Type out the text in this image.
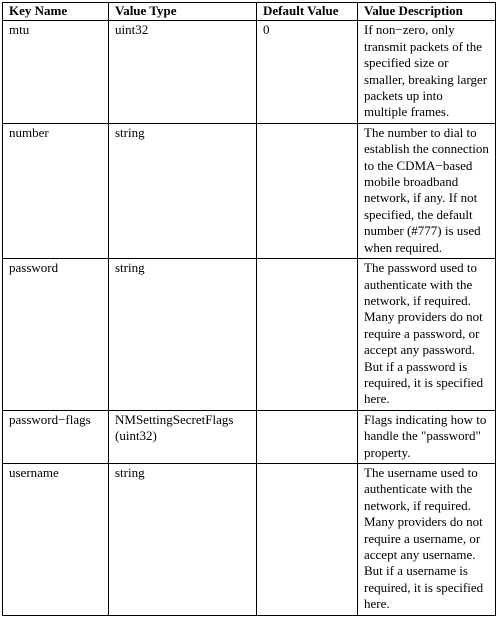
Key Name	Value Type	Default Value	Value Description
mtu	uint32	0	If non−zero, only transmit packets of the specified size or smaller, breaking larger packets up into multiple frames.
number	string		The number to dial to establish the connection to the CDMA−based mobile broadband network, if any. If not specified, the default number (#777) is used when required.
password	string		The password used to authenticate with the network, if required. Many providers do not require a password, or accept any password. But if a password is required, it is specified here.
password−flags	NMSettingSecretFlags (uint32)		Flags indicating how to handle the "password" property.
username	string		The username used to authenticate with the network, if required. Many providers do not require a username, or accept any username. But if a username is required, it is specified here.
